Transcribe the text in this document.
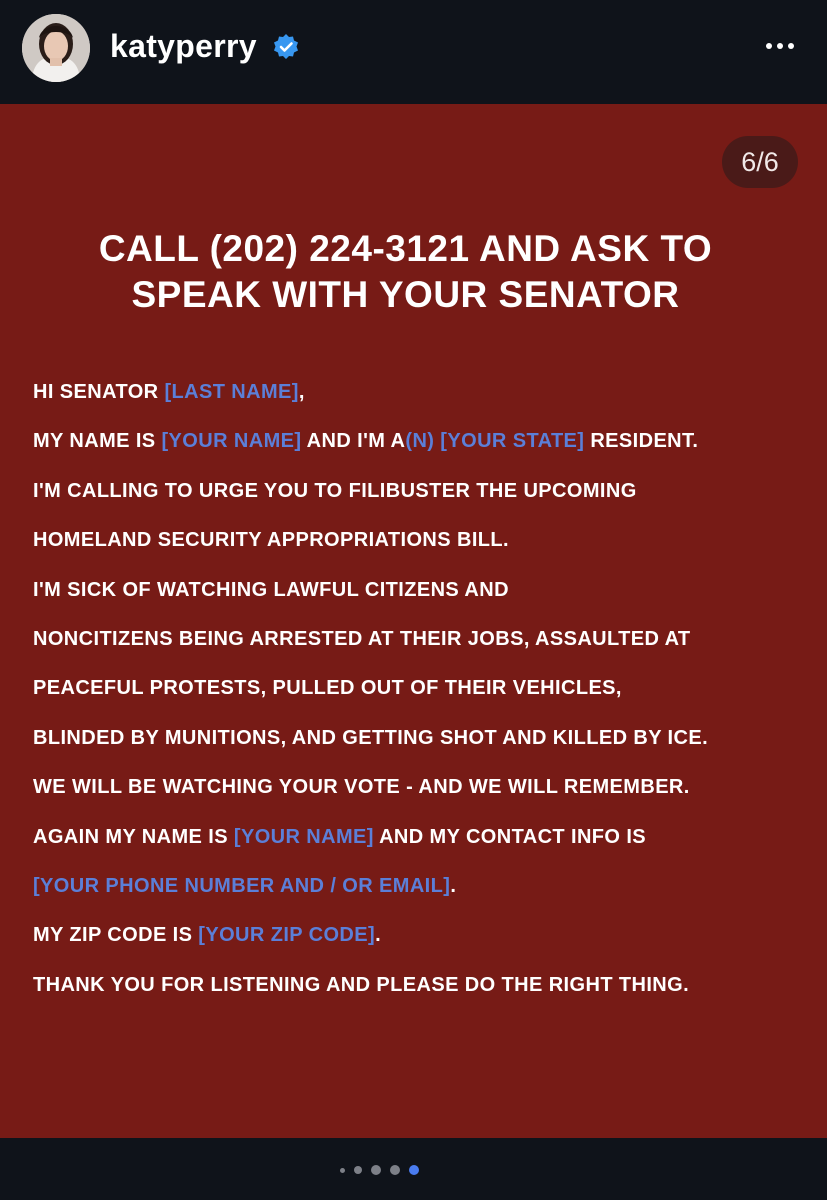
katyperry
6/6
CALL (202) 224-3121 AND ASK TO
SPEAK WITH YOUR SENATOR
HI SENATOR [LAST NAME],
MY NAME IS [YOUR NAME] AND I'M A(N) [YOUR STATE] RESIDENT.
I'M CALLING TO URGE YOU TO FILIBUSTER THE UPCOMING
HOMELAND SECURITY APPROPRIATIONS BILL.
I'M SICK OF WATCHING LAWFUL CITIZENS AND
NONCITIZENS BEING ARRESTED AT THEIR JOBS, ASSAULTED AT
PEACEFUL PROTESTS, PULLED OUT OF THEIR VEHICLES,
BLINDED BY MUNITIONS, AND GETTING SHOT AND KILLED BY ICE.
WE WILL BE WATCHING YOUR VOTE - AND WE WILL REMEMBER.
AGAIN MY NAME IS [YOUR NAME] AND MY CONTACT INFO IS
[YOUR PHONE NUMBER AND / OR EMAIL].
MY ZIP CODE IS [YOUR ZIP CODE].
THANK YOU FOR LISTENING AND PLEASE DO THE RIGHT THING.
